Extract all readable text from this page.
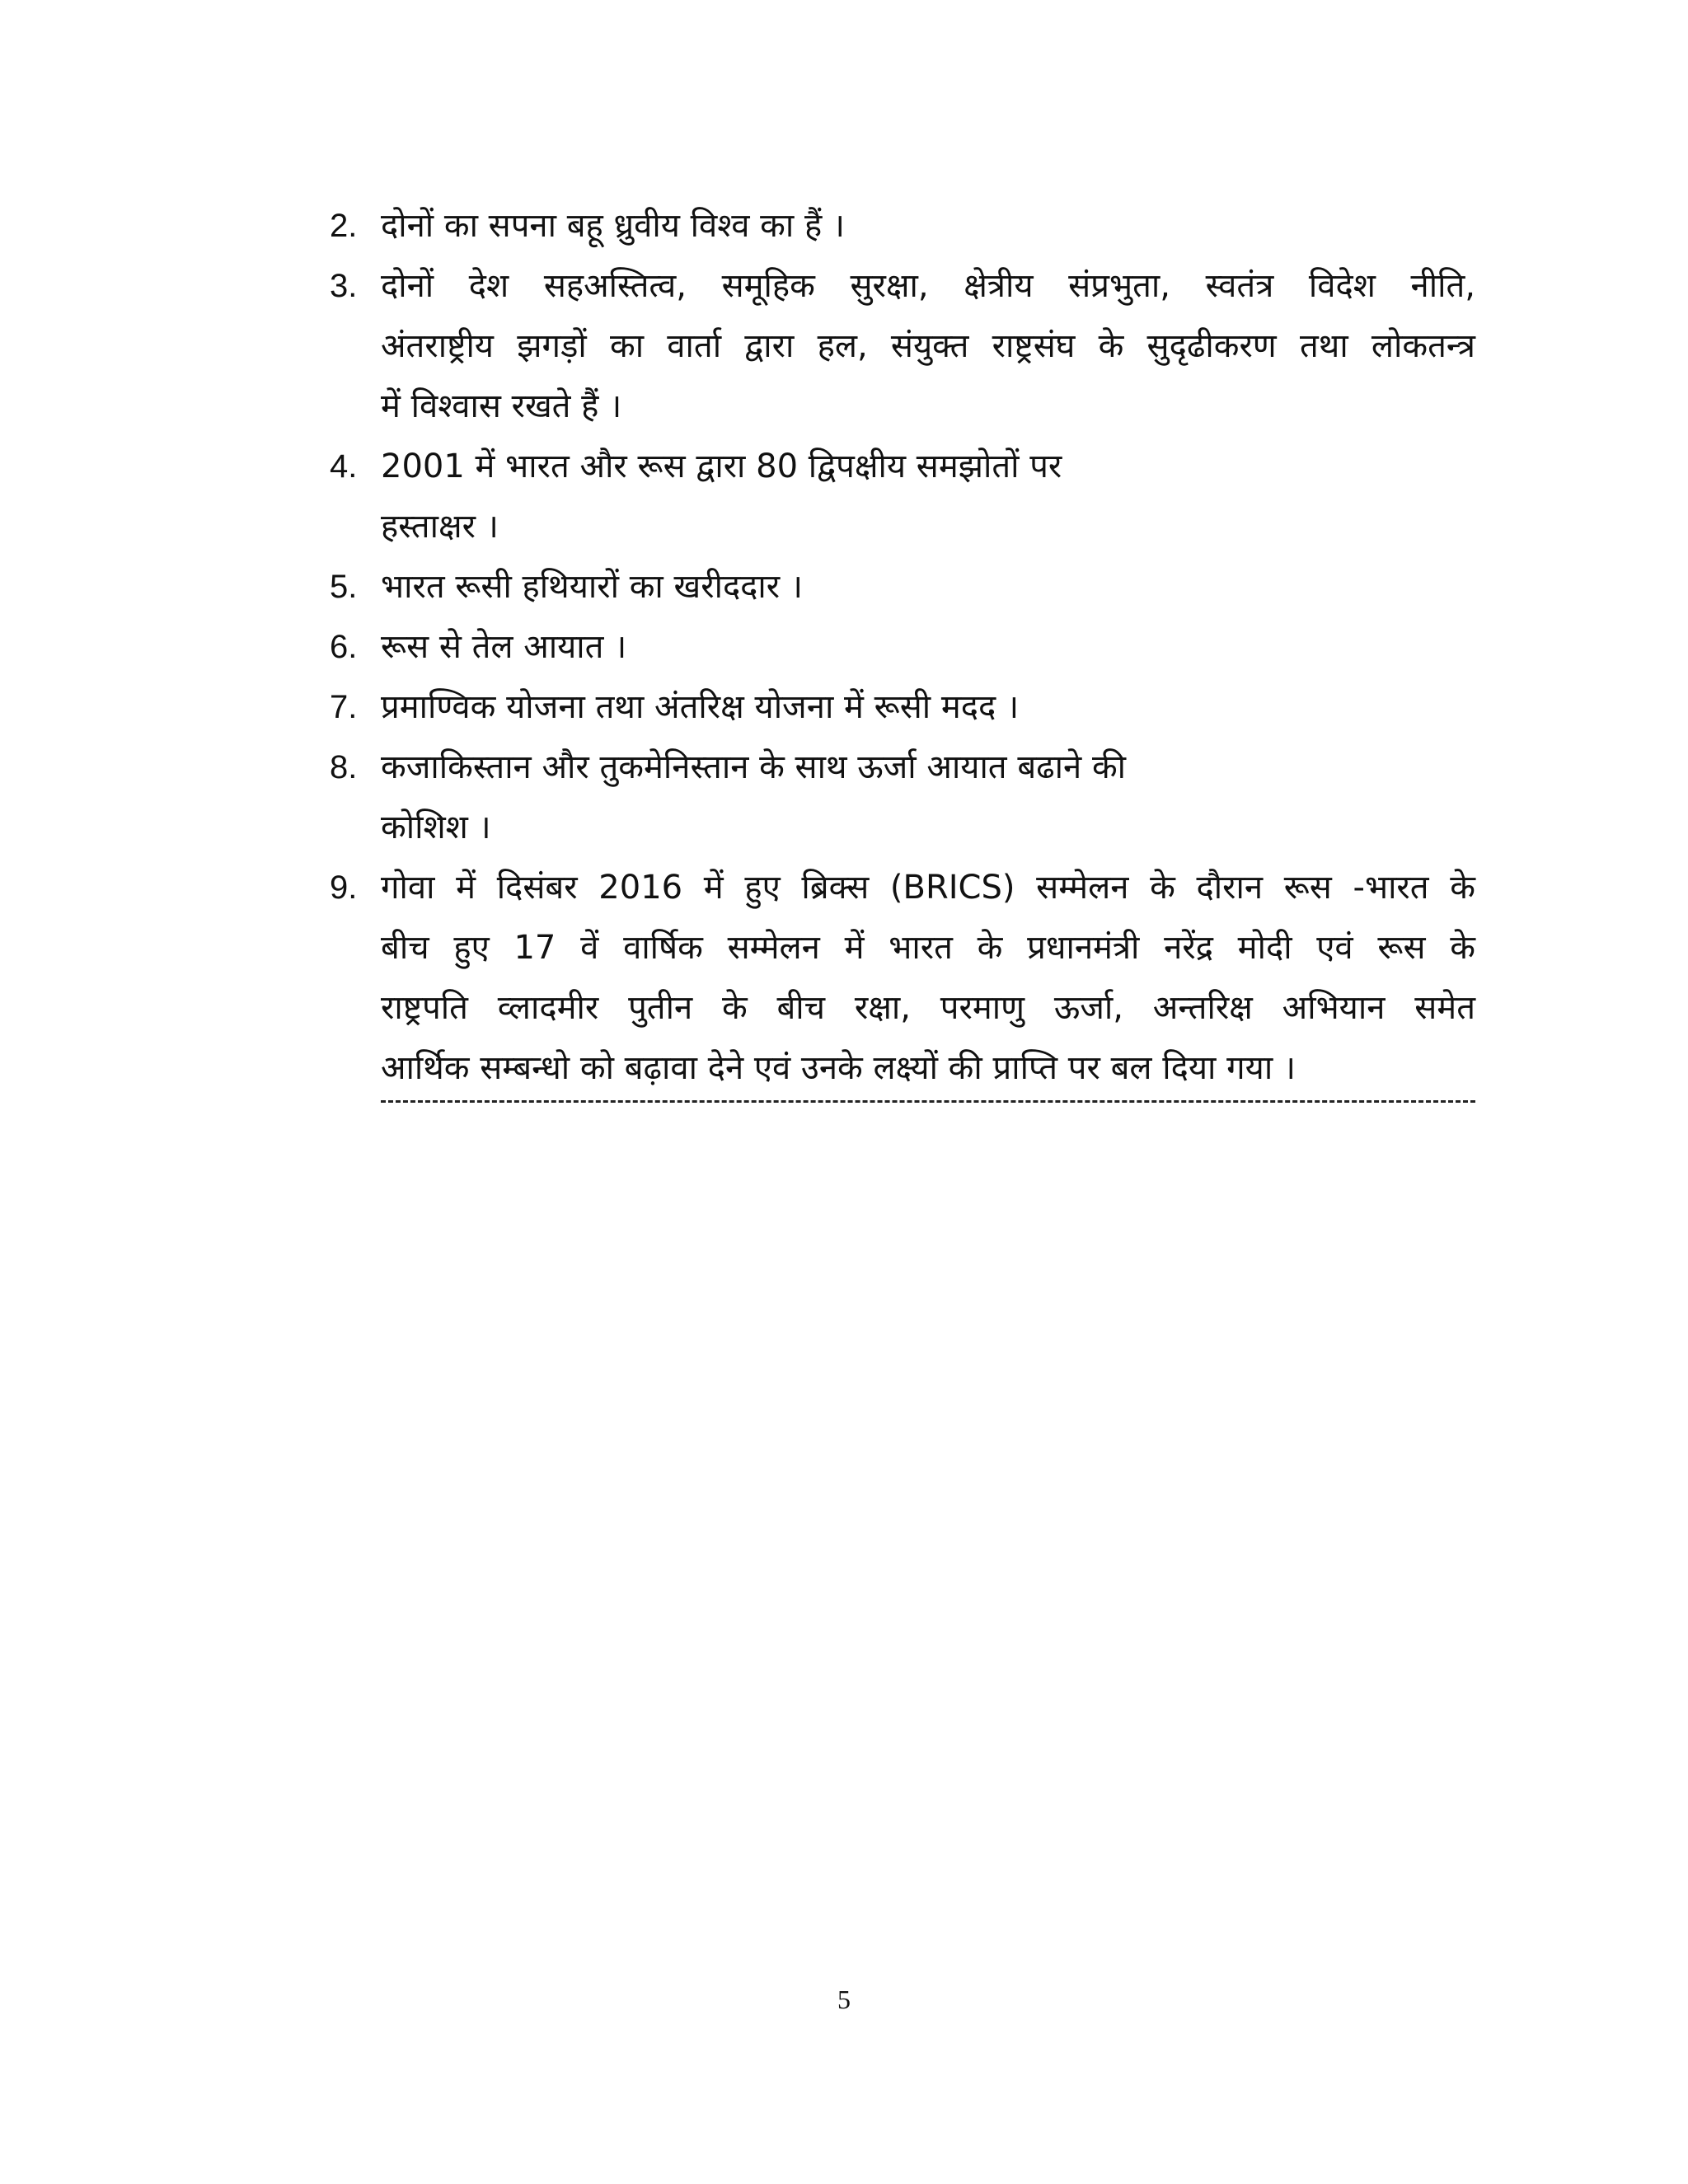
2. दोनों का सपना बहू ध्रुवीय विश्व का हैं ।
3. दोनों देश सहअस्तित्व, समूहिक सुरक्षा, क्षेत्रीय संप्रभुता, स्वतंत्र विदेश नीति,
अंतराष्ट्रीय झगड़ों का वार्ता द्वारा हल, संयुक्त राष्ट्रसंघ के सुदृढीकरण तथा लोकतन्त्र
में विश्वास रखते हैं ।
4. 2001 में भारत और रूस द्वारा 80 द्विपक्षीय समझोतों पर
हस्ताक्षर ।
5. भारत रूसी हथियारों का खरीददार ।
6. रूस से तेल आयात ।
7. प्रमाण्विक योजना तथा अंतरिक्ष योजना में रूसी मदद ।
8. कजाकिस्तान और तुकमेनिस्तान के साथ ऊर्जा आयात बढाने की
कोशिश ।
9. गोवा में दिसंबर 2016 में हुए ब्रिक्स (BRICS) सम्मेलन के दौरान रूस -भारत के
बीच हुए 17 वें वार्षिक सम्मेलन में भारत के प्रधानमंत्री नरेंद्र मोदी एवं रूस के
राष्ट्रपति व्लादमीर पुतीन के बीच रक्षा, परमाणु ऊर्जा, अन्तरिक्ष अभियान समेत
आर्थिक सम्बन्धो को बढ़ावा देने एवं उनके लक्ष्यों की प्राप्ति पर बल दिया गया ।
5
